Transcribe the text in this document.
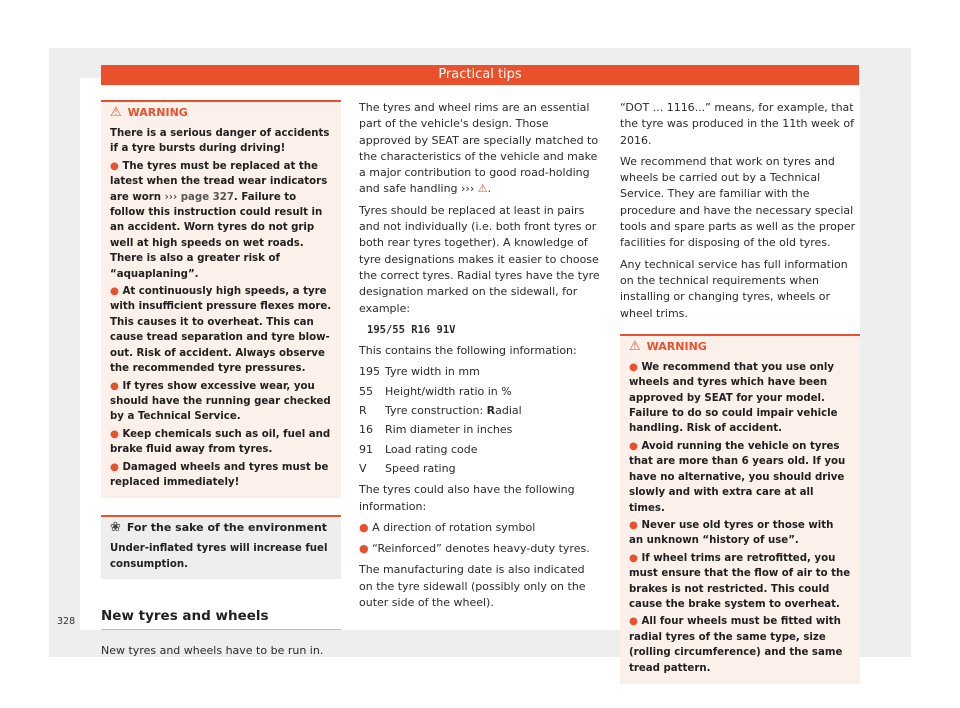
Practical tips
⚠ WARNING

There is a serious danger of accidents if a tyre bursts during driving!

● The tyres must be replaced at the latest when the tread wear indicators are worn ››› page 327. Failure to follow this instruction could result in an accident. Worn tyres do not grip well at high speeds on wet roads. There is also a greater risk of “aquaplaning”.

● At continuously high speeds, a tyre with insufficient pressure flexes more. This causes it to overheat. This can cause tread separation and tyre blow-out. Risk of accident. Always observe the recommended tyre pressures.

● If tyres show excessive wear, you should have the running gear checked by a Technical Service.

● Keep chemicals such as oil, fuel and brake fluid away from tyres.

● Damaged wheels and tyres must be replaced immediately!

❀ For the sake of the environment
Under-inflated tyres will increase fuel consumption.
New tyres and wheels

New tyres and wheels have to be run in.

The tyres and wheel rims are an essential part of the vehicle's design. Those approved by SEAT are specially matched to the characteristics of the vehicle and make a major contribution to good road-holding and safe handling ››› ⚠.

Tyres should be replaced at least in pairs and not individually (i.e. both front tyres or both rear tyres together). A knowledge of tyre designations makes it easier to choose the correct tyres. Radial tyres have the tyre designation marked on the sidewall, for example:

195/55 R16 91V

This contains the following information:

195 Tyre width in mm
55	Height/width ratio in %
R	Tyre construction: Radial
16	Rim diameter in inches
91	Load rating code
V	Speed rating

The tyres could also have the following information:

● A direction of rotation symbol

● “Reinforced” denotes heavy-duty tyres.

The manufacturing date is also indicated on the tyre sidewall (possibly only on the outer side of the wheel).

“DOT ... 1116...” means, for example, that the tyre was produced in the 11th week of 2016.

We recommend that work on tyres and wheels be carried out by a Technical Service. They are familiar with the procedure and have the necessary special tools and spare parts as well as the proper facilities for disposing of the old tyres.

Any technical service has full information on the technical requirements when installing or changing tyres, wheels or wheel trims.

⚠ WARNING

● We recommend that you use only wheels and tyres which have been approved by SEAT for your model. Failure to do so could impair vehicle handling. Risk of accident.

● Avoid running the vehicle on tyres that are more than 6 years old. If you have no alternative, you should drive slowly and with extra care at all times.

● Never use old tyres or those with an unknown “history of use”.

● If wheel trims are retrofitted, you must ensure that the flow of air to the brakes is not restricted. This could cause the brake system to overheat.

● All four wheels must be fitted with radial tyres of the same type, size (rolling circumference) and the same tread pattern.

328
